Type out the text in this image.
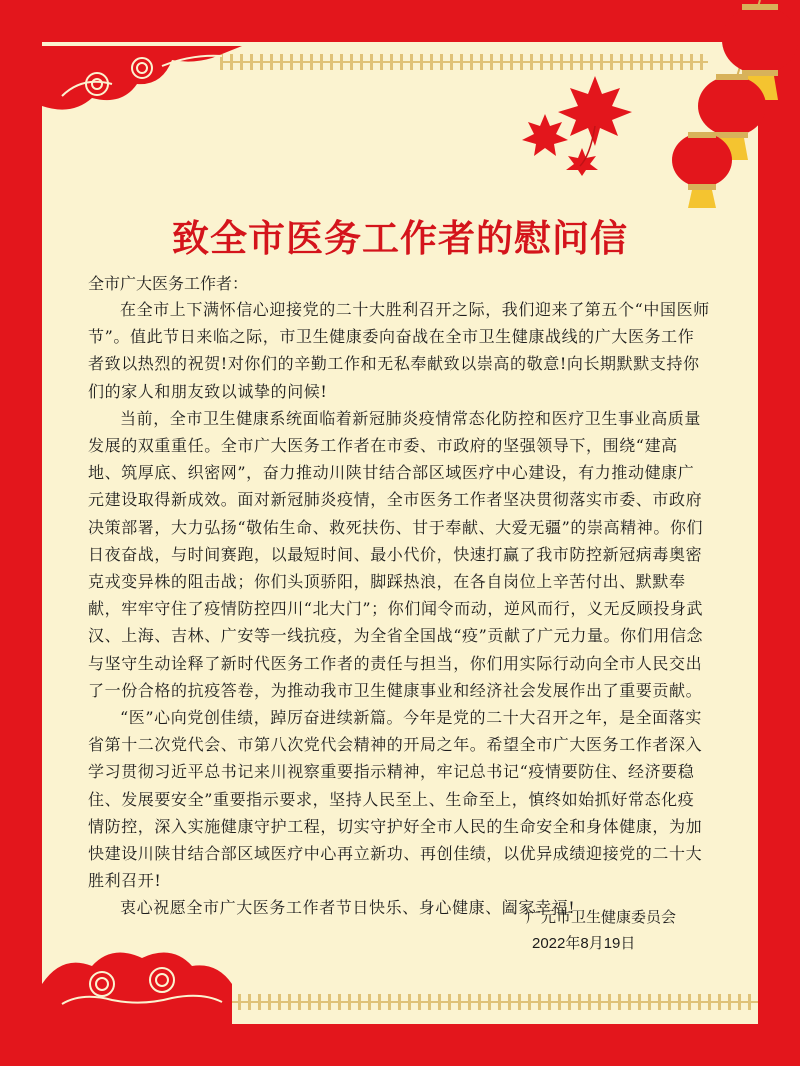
致全市医务工作者的慰问信
全市广大医务工作者：

在全市上下满怀信心迎接党的二十大胜利召开之际，我们迎来了第五个“中国医师节”。值此节日来临之际，市卫生健康委向奋战在全市卫生健康战线的广大医务工作者致以热烈的祝贺!对你们的辛勤工作和无私奉献致以崇高的敬意!向长期默默支持你们的家人和朋友致以诚挚的问候!

当前，全市卫生健康系统面临着新冠肺炎疫情常态化防控和医疗卫生事业高质量发展的双重重任。全市广大医务工作者在市委、市政府的坚强领导下，围绕“建高地、筑厚底、织密网”，奋力推动川陕甘结合部区域医疗中心建设，有力推动健康广元建设取得新成效。面对新冠肺炎疫情，全市医务工作者坚决贯彻落实市委、市政府决策部署，大力弘扬“敬佑生命、救死扶伤、甘于奉献、大爱无疆”的崇高精神。你们日夜奋战，与时间赛跑，以最短时间、最小代价，快速打赢了我市防控新冠病毒奥密克戎变异株的阻击战；你们头顶骄阳，脚踩热浪，在各自岗位上辛苦付出、默默奉献，牢牢守住了疫情防控四川“北大门”；你们闻令而动，逆风而行，义无反顾投身武汉、上海、吉林、广安等一线抗疫，为全省全国战“疫”贡献了广元力量。你们用信念与坚守生动诠释了新时代医务工作者的责任与担当，你们用实际行动向全市人民交出了一份合格的抗疫答卷，为推动我市卫生健康事业和经济社会发展作出了重要贡献。

“医”心向党创佳绩，踔厉奋进续新篇。今年是党的二十大召开之年，是全面落实省第十二次党代会、市第八次党代会精神的开局之年。希望全市广大医务工作者深入学习贯彻习近平总书记来川视察重要指示精神，牢记总书记“疫情要防住、经济要稳住、发展要安全”重要指示要求，坚持人民至上、生命至上，慎终如始抓好常态化疫情防控，深入实施健康守护工程，切实守护好全市人民的生命安全和身体健康，为加快建设川陕甘结合部区域医疗中心再立新功、再创佳绩，以优异成绩迎接党的二十大胜利召开!

衷心祝愿全市广大医务工作者节日快乐、身心健康、阖家幸福!

广元市卫生健康委员会
2022年8月19日
